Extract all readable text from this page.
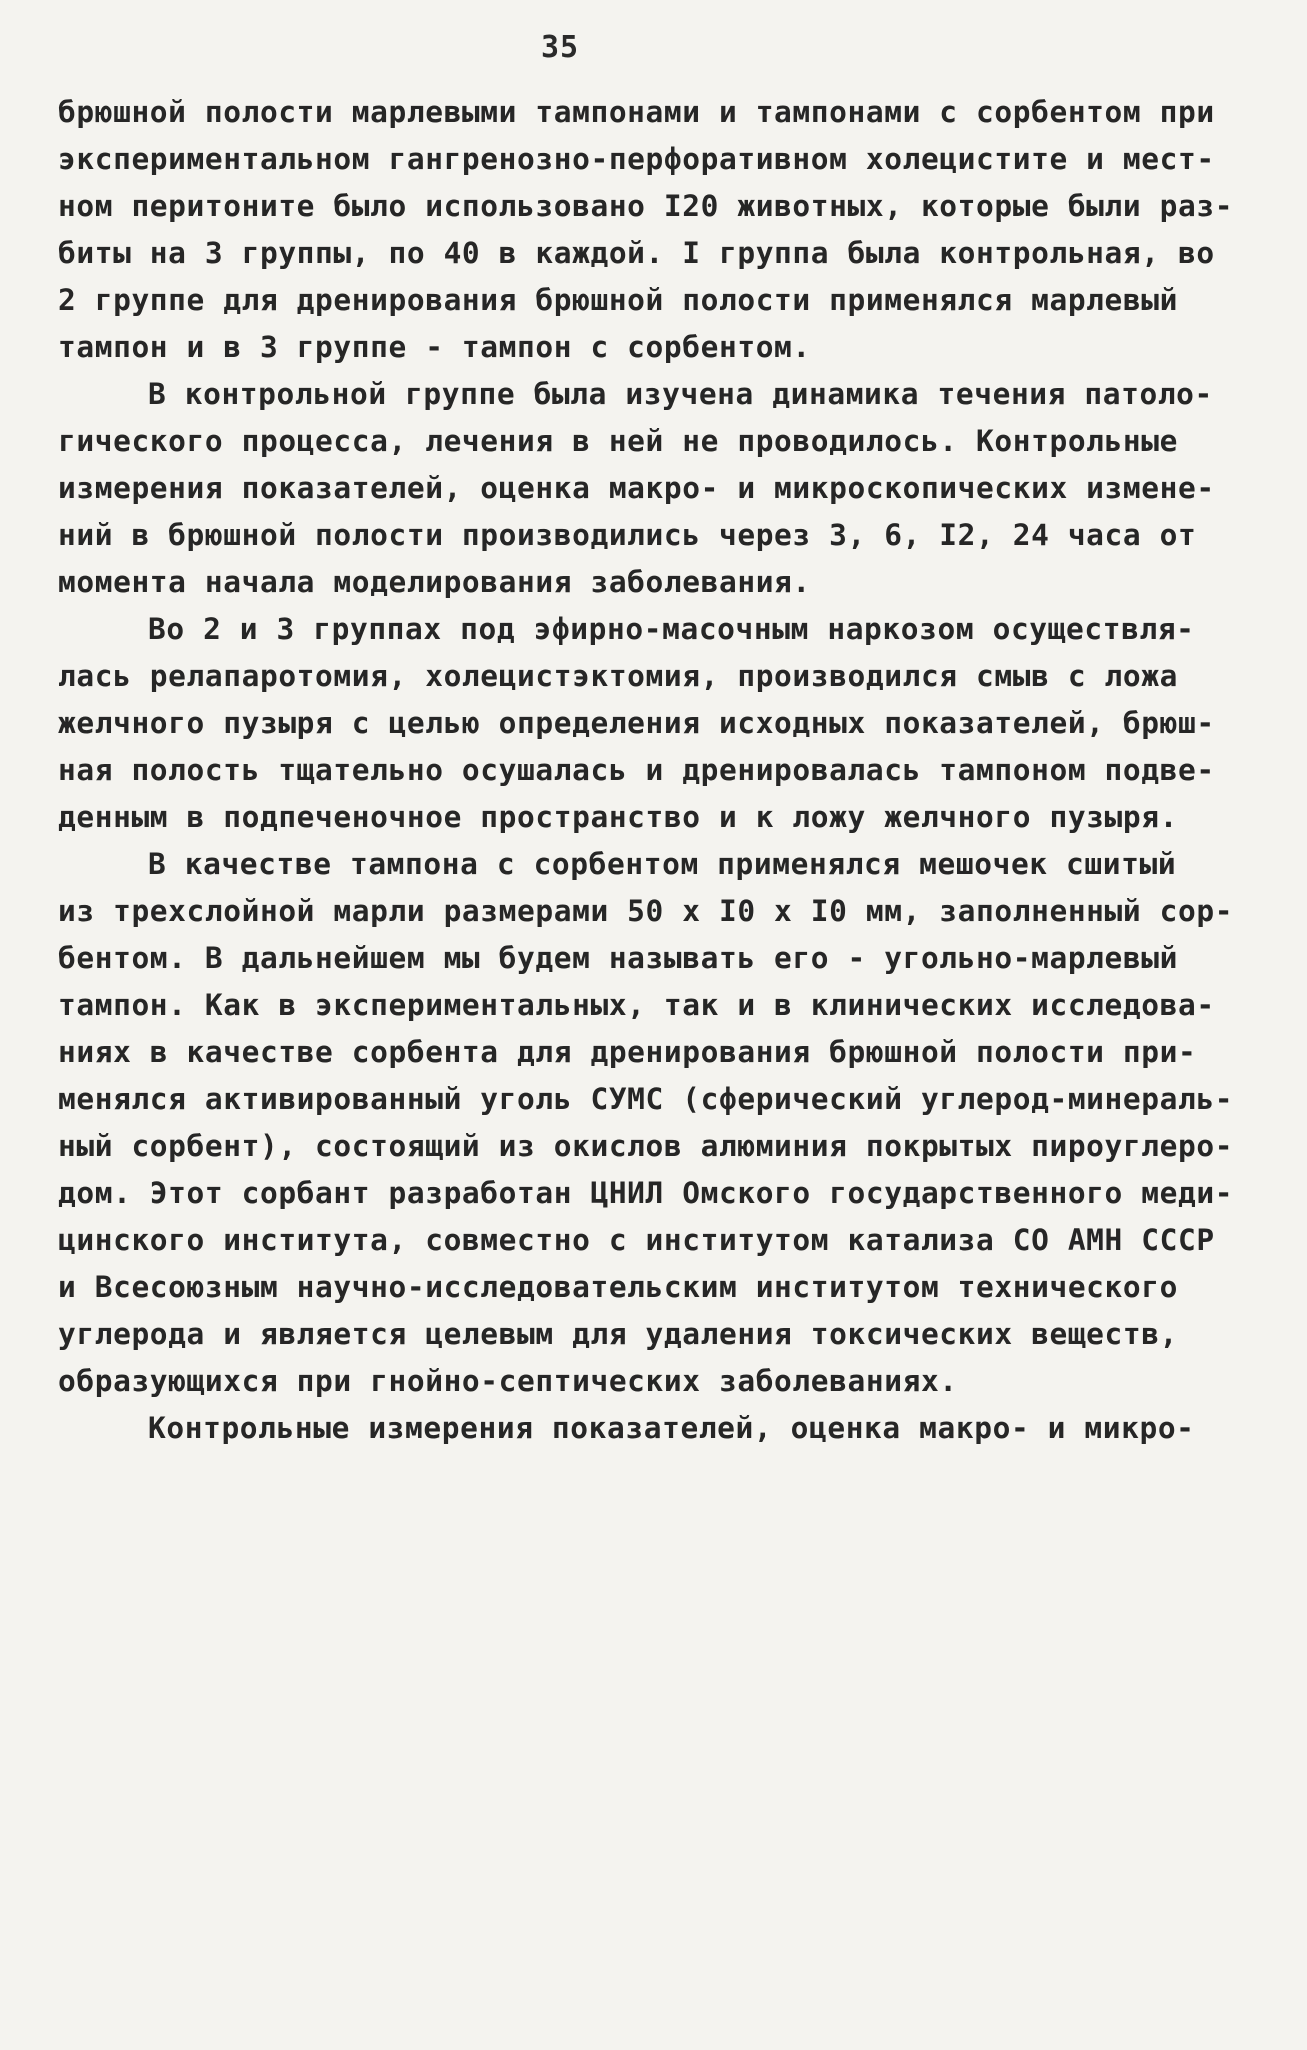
35
брюшной полости марлевыми тампонами и тампонами с сорбентом при
экспериментальном гангренозно-перфоративном холецистите и мест-
ном перитоните было использовано I20 животных, которые были раз-
биты на 3 группы, по 40 в каждой. I группа была контрольная, во
2 группе для дренирования брюшной полости применялся марлевый
тампон и в 3 группе - тампон с сорбентом.
В контрольной группе была изучена динамика течения патоло-
гического процесса, лечения в ней не проводилось. Контрольные
измерения показателей, оценка макро- и микроскопических измене-
ний в брюшной полости производились через 3, 6, I2, 24 часа от
момента начала моделирования заболевания.
Во 2 и 3 группах под эфирно-масочным наркозом осуществля-
лась релапаротомия, холецистэктомия, производился смыв с ложа
желчного пузыря с целью определения исходных показателей, брюш-
ная полость тщательно осушалась и дренировалась тампоном подве-
денным в подпеченочное пространство и к ложу желчного пузыря.
В качестве тампона с сорбентом применялся мешочек сшитый
из трехслойной марли размерами 50 х I0 х I0 мм, заполненный сор-
бентом. В дальнейшем мы будем называть его - угольно-марлевый
тампон. Как в экспериментальных, так и в клинических исследова-
ниях в качестве сорбента для дренирования брюшной полости при-
менялся активированный уголь СУМС (сферический углерод-минераль-
ный сорбент), состоящий из окислов алюминия покрытых пироуглеро-
дом. Этот сорбант разработан ЦНИЛ Омского государственного меди-
цинского института, совместно с институтом катализа СО АМН СССР
и Всесоюзным научно-исследовательским институтом технического
углерода и является целевым для удаления токсических веществ,
образующихся при гнойно-септических заболеваниях.
Контрольные измерения показателей, оценка макро- и микро-
